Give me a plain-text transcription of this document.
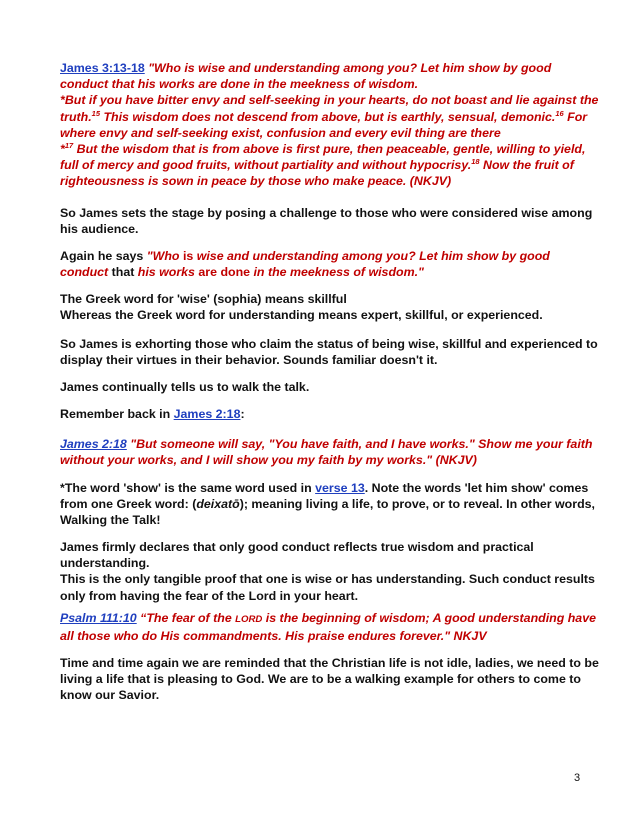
James 3:13-18 "Who is wise and understanding among you? Let him show by good conduct that his works are done in the meekness of wisdom.
*But if you have bitter envy and self-seeking in your hearts, do not boast and lie against the truth.$^{15}$ This wisdom does not descend from above, but is earthly, sensual, demonic.$^{16}$ For where envy and self-seeking exist, confusion and every evil thing are there
*$^{17}$ But the wisdom that is from above is first pure, then peaceable, gentle, willing to yield, full of mercy and good fruits, without partiality and without hypocrisy.$^{18}$ Now the fruit of righteousness is sown in peace by those who make peace. (NKJV)
So James sets the stage by posing a challenge to those who were considered wise among his audience.
Again he says "Who is wise and understanding among you? Let him show by good conduct that his works are done in the meekness of wisdom."
The Greek word for 'wise' (sophia) means skillful
Whereas the Greek word for understanding means expert, skillful, or experienced.
So James is exhorting those who claim the status of being wise, skillful and experienced to display their virtues in their behavior. Sounds familiar doesn't it.
James continually tells us to walk the talk.
Remember back in James 2:18:
James 2:18 "But someone will say, "You have faith, and I have works." Show me your faith without your works, and I will show you my faith by my works." (NKJV)
*The word 'show' is the same word used in verse 13. Note the words 'let him show' comes from one Greek word: (deixatō); meaning living a life, to prove, or to reveal. In other words, Walking the Talk!
James firmly declares that only good conduct reflects true wisdom and practical understanding.
This is the only tangible proof that one is wise or has understanding. Such conduct results only from having the fear of the Lord in your heart.
Psalm 111:10 “The fear of the LORD is the beginning of wisdom; A good understanding have all those who do His commandments. His praise endures forever." NKJV
Time and time again we are reminded that the Christian life is not idle, ladies, we need to be living a life that is pleasing to God. We are to be a walking example for others to come to know our Savior.
3
